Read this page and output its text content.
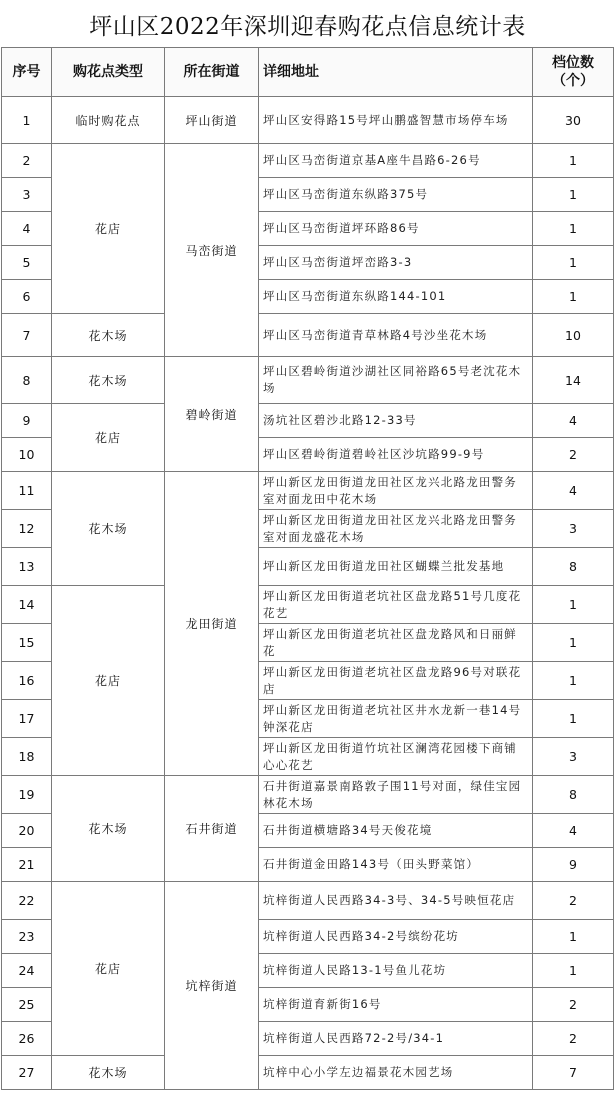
坪山区2022年深圳迎春购花点信息统计表
序号	购花点类型	所在街道	详细地址	档位数
（个）

1	临时购花点	坪山街道	坪山区安得路15号坪山鹏盛智慧市场停车场	30
2	花店	马峦街道	坪山区马峦街道京基A座牛昌路6-26号	1
3			坪山区马峦街道东纵路375号	1
4			坪山区马峦街道坪环路86号	1
5			坪山区马峦街道坪峦路3-3	1
6			坪山区马峦街道东纵路144-101	1
7	花木场		坪山区马峦街道青草林路4号沙坐花木场	10
8	花木场	碧岭街道	坪山区碧岭街道沙湖社区同裕路65号老沈花木场	14
9	花店		汤坑社区碧沙北路12-33号	4
10			坪山区碧岭街道碧岭社区沙坑路99-9号	2
11	花木场	龙田街道	坪山新区龙田街道龙田社区龙兴北路龙田警务室对面龙田中花木场	4
12			坪山新区龙田街道龙田社区龙兴北路龙田警务室对面龙盛花木场	3
13			坪山新区龙田街道龙田社区蝴蝶兰批发基地	8
14	花店		坪山新区龙田街道老坑社区盘龙路51号几度花花艺	1
15			坪山新区龙田街道老坑社区盘龙路风和日丽鲜花	1
16			坪山新区龙田街道老坑社区盘龙路96号对联花店	1
17			坪山新区龙田街道老坑社区井水龙新一巷14号钟深花店	1
18			坪山新区龙田街道竹坑社区澜湾花园楼下商铺心心花艺	3
19	花木场	石井街道	石井街道嘉景南路敦子围11号对面，绿佳宝园林花木场	8
20			石井街道横塘路34号天俊花境	4
21			石井街道金田路143号（田头野菜馆）	9
22	花店	坑梓街道	坑梓街道人民西路34-3号、34-5号映恒花店	2
23			坑梓街道人民西路34-2号缤纷花坊	1
24			坑梓街道人民路13-1号鱼儿花坊	1
25			坑梓街道育新街16号	2
26			坑梓街道人民西路72-2号/34-1	2
27	花木场		坑梓中心小学左边福景花木园艺场	7
